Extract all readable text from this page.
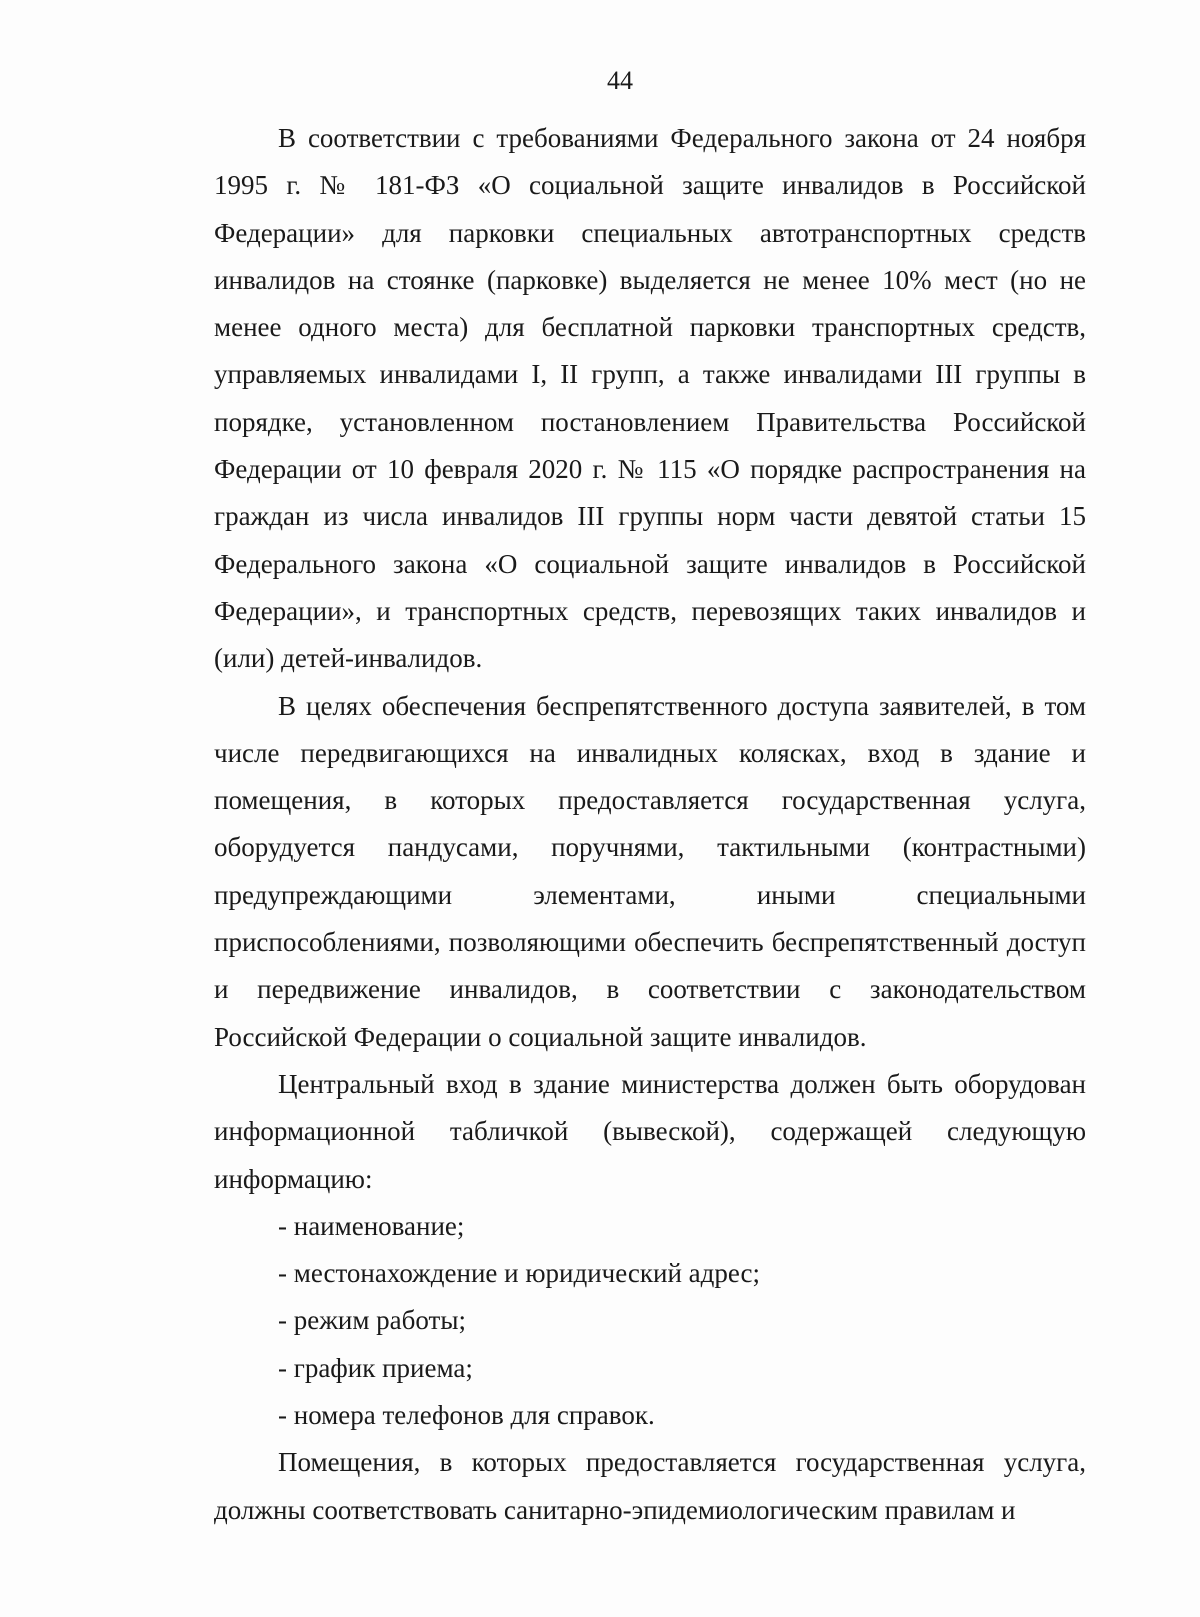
44

В соответствии с требованиями Федерального закона от 24 ноября 1995 г. № 181-ФЗ «О социальной защите инвалидов в Российской Федерации» для парковки специальных автотранспортных средств инвалидов на стоянке (парковке) выделяется не менее 10% мест (но не менее одного места) для бесплатной парковки транспортных средств, управляемых инвалидами I, II групп, а также инвалидами III группы в порядке, установленном постановлением Правительства Российской Федерации от 10 февраля 2020 г. № 115 «О порядке распространения на граждан из числа инвалидов III группы норм части девятой статьи 15 Федерального закона «О социальной защите инвалидов в Российской Федерации», и транспортных средств, перевозящих таких инвалидов и (или) детей-инвалидов.

В целях обеспечения беспрепятственного доступа заявителей, в том числе передвигающихся на инвалидных колясках, вход в здание и помещения, в которых предоставляется государственная услуга, оборудуется пандусами, поручнями, тактильными (контрастными) предупреждающими элементами, иными специальными приспособлениями, позволяющими обеспечить беспрепятственный доступ и передвижение инвалидов, в соответствии с законодательством Российской Федерации о социальной защите инвалидов.

Центральный вход в здание министерства должен быть оборудован информационной табличкой (вывеской), содержащей следующую информацию:

- наименование;

- местонахождение и юридический адрес;

- режим работы;

- график приема;

- номера телефонов для справок.

Помещения, в которых предоставляется государственная услуга, должны соответствовать санитарно-эпидемиологическим правилам и
